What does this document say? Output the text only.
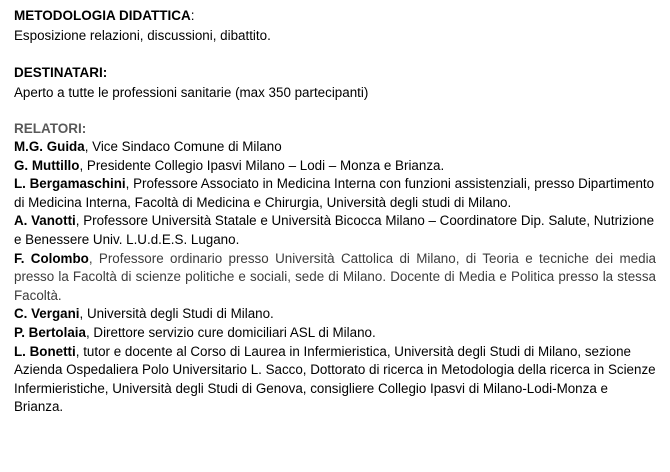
METODOLOGIA DIDATTICA:

Esposizione relazioni, discussioni, dibattito.

DESTINATARI:

Aperto a tutte le professioni sanitarie (max 350 partecipanti)

RELATORI:

M.G. Guida, Vice Sindaco Comune di Milano

G. Muttillo, Presidente Collegio Ipasvi Milano – Lodi – Monza e Brianza.

L. Bergamaschini, Professore Associato in Medicina Interna con funzioni assistenziali, presso Dipartimento di Medicina Interna, Facoltà di Medicina e Chirurgia, Università degli studi di Milano.

A. Vanotti, Professore Università Statale e Università Bicocca Milano – Coordinatore Dip. Salute, Nutrizione e Benessere Univ. L.U.d.E.S. Lugano.

F. Colombo, Professore ordinario presso Università Cattolica di Milano, di Teoria e tecniche dei media presso la Facoltà di scienze politiche e sociali, sede di Milano. Docente di Media e Politica presso la stessa Facoltà.

C. Vergani, Università degli Studi di Milano.

P. Bertolaia, Direttore servizio cure domiciliari ASL di Milano.

L. Bonetti, tutor e docente al Corso di Laurea in Infermieristica, Università degli Studi di Milano, sezione Azienda Ospedaliera Polo Universitario L. Sacco, Dottorato di ricerca in Metodologia della ricerca in Scienze Infermieristiche, Università degli Studi di Genova, consigliere Collegio Ipasvi di Milano-Lodi-Monza e Brianza.
